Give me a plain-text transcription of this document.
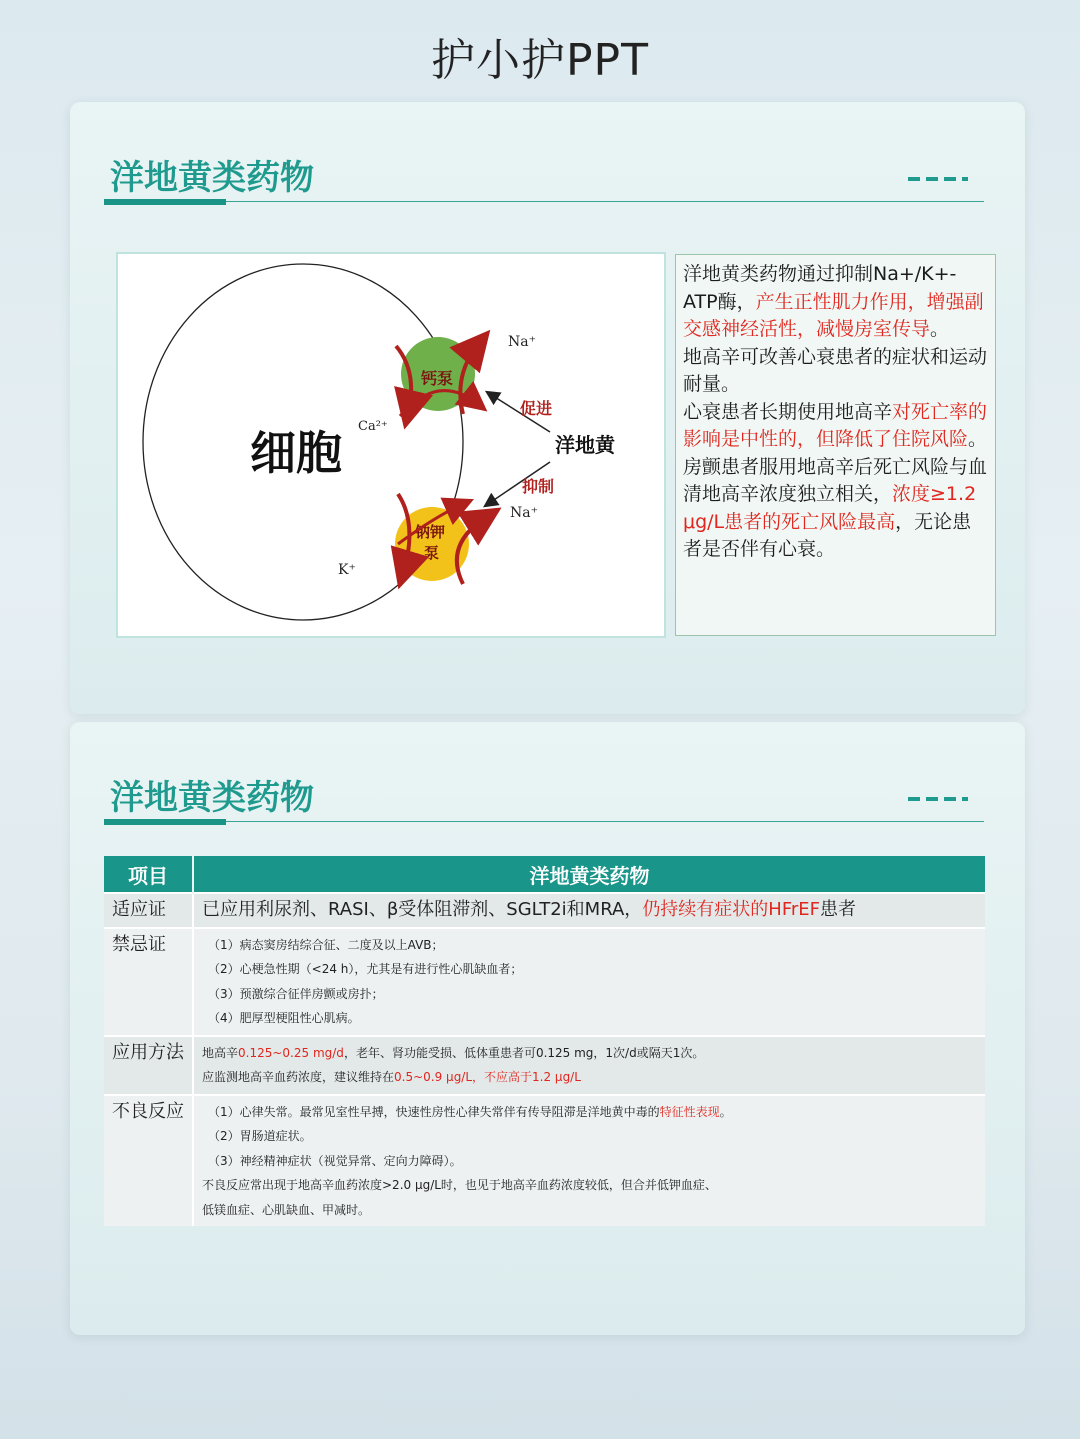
护小护PPT
洋地黄类药物
细胞
钙泵
钠钾
泵
Na⁺
Ca²⁺
Na⁺
K⁺
洋地黄
促进
抑制

洋地黄类药物通过抑制Na+/K+-ATP酶，产生正性肌力作用，增强副交感神经活性，减慢房室传导。

地高辛可改善心衰患者的症状和运动耐量。

心衰患者长期使用地高辛对死亡率的影响是中性的，但降低了住院风险。

房颤患者服用地高辛后死亡风险与血清地高辛浓度独立相关，浓度≥1.2 μg/L患者的死亡风险最高，无论患者是否伴有心衰。

洋地黄类药物
项目	洋地黄类药物
适应证	已应用利尿剂、RASI、β受体阻滞剂、SGLT2i和MRA，仍持续有症状的HFrEF患者
禁忌证	（1）病态窦房结综合征、二度及以上AVB；
（2）心梗急性期（<24 h），尤其是有进行性心肌缺血者；
（3）预激综合征伴房颤或房扑；
（4）肥厚型梗阻性心肌病。

应用方法	地高辛0.125~0.25 mg/d，老年、肾功能受损、低体重患者可0.125 mg，1次/d或隔天1次。
应监测地高辛血药浓度，建议维持在0.5~0.9 μg/L，不应高于1.2 μg/L

不良反应	（1）心律失常。最常见室性早搏，快速性房性心律失常伴有传导阻滞是洋地黄中毒的特征性表现。
（2）胃肠道症状。
（3）神经精神症状（视觉异常、定向力障碍）。
不良反应常出现于地高辛血药浓度>2.0 μg/L时，也见于地高辛血药浓度较低，但合并低钾血症、
低镁血症、心肌缺血、甲减时。
